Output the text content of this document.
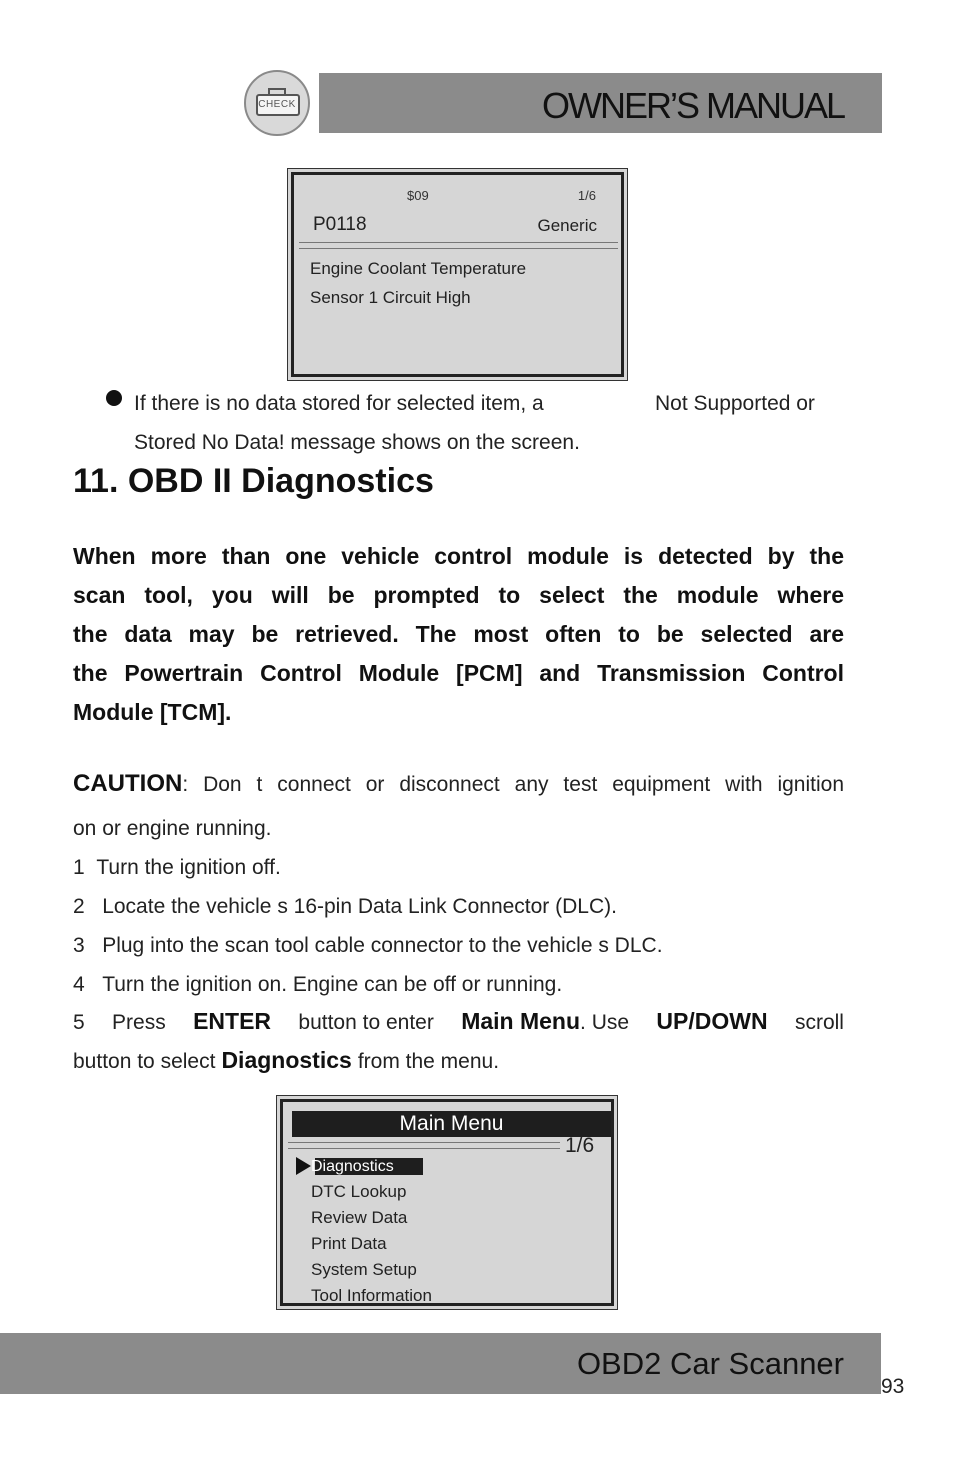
CHECK	OWNER’S MANUAL
$09	1/6
P0118	Generic
Engine Coolant Temperature
Sensor 1 Circuit High
If there is no data stored for selected item, a	Not Supported or
Stored No Data! message shows on the screen.
11. OBD II Diagnostics
When more than one vehicle control module is detected by the
scan tool, you will be prompted to select the module where
the data may be retrieved. The most often to be selected are
the Powertrain Control Module [PCM] and Transmission Control
Module [TCM].
CAUTION : Don t connect or disconnect any test equipment with ignition
on or engine running.
1 Turn the ignition off.
2 Locate the vehicle s 16-pin Data Link Connector (DLC).
3 Plug into the scan tool cable connector to the vehicle s DLC.
4 Turn the ignition on. Engine can be off or running.
5 Press ENTER button to enter Main Menu. Use UP/DOWN scroll
button to select Diagnostics from the menu.
Main Menu
1/6
Diagnostics
DTC Lookup
Review Data
Print Data
System Setup
Tool Information
OBD2 Car Scanner
93
